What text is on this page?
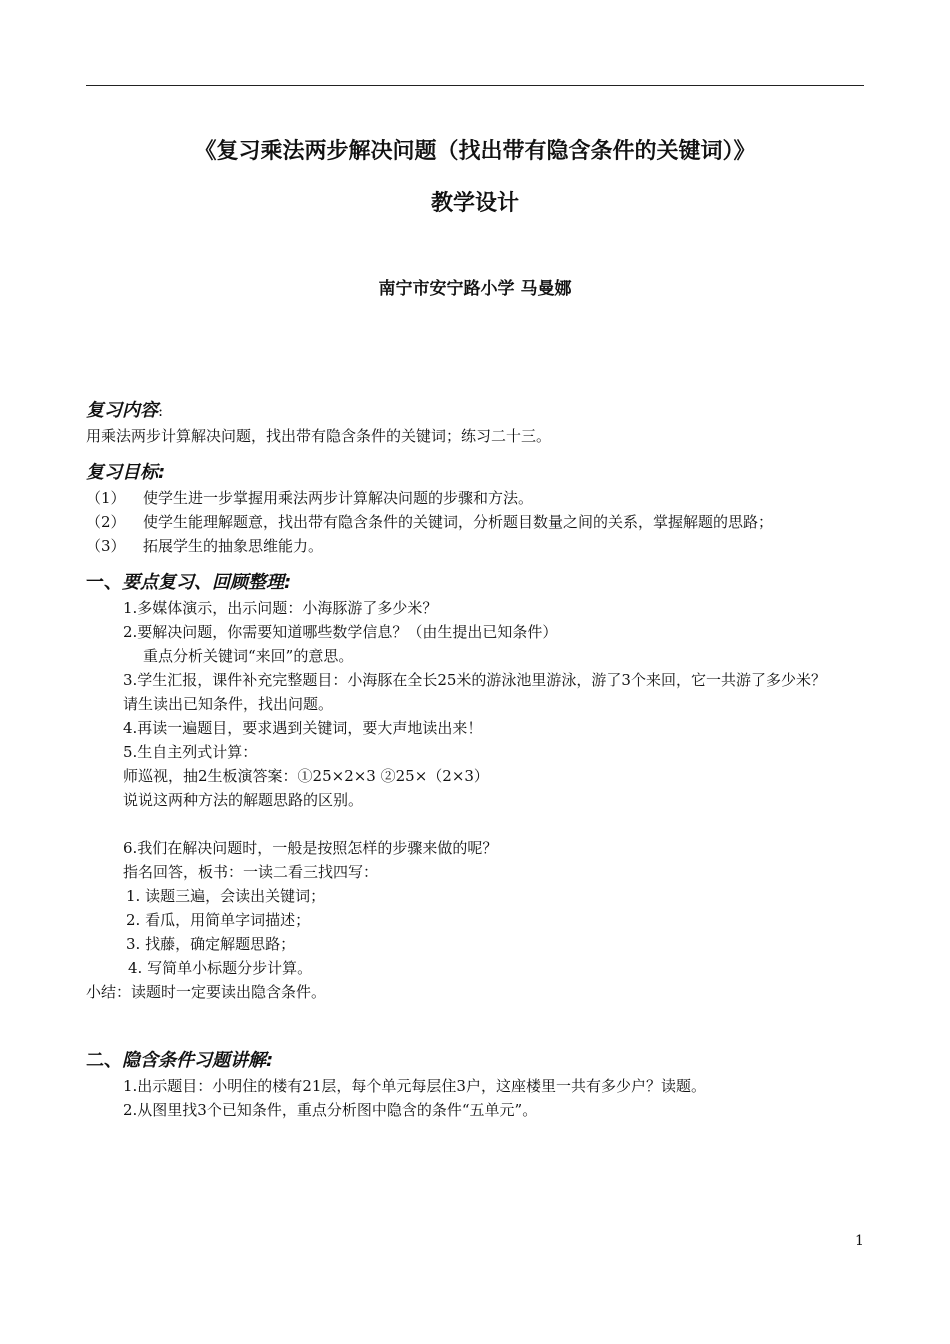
《复习乘法两步解决问题（找出带有隐含条件的关键词）》
教学设计
南宁市安宁路小学 马曼娜
复习内容:
用乘法两步计算解决问题，找出带有隐含条件的关键词；练习二十三。
复习目标:
（1）	使学生进一步掌握用乘法两步计算解决问题的步骤和方法。
（2）	使学生能理解题意，找出带有隐含条件的关键词，分析题目数量之间的关系，掌握解题的思路；
（3）	拓展学生的抽象思维能力。
一、要点复习、回顾整理:
1.多媒体演示，出示问题：小海豚游了多少米？
2.要解决问题，你需要知道哪些数学信息？（由生提出已知条件）
重点分析关键词“来回”的意思。
3.学生汇报，课件补充完整题目：小海豚在全长25米的游泳池里游泳，游了3个来回，它一共游了多少米？
请生读出已知条件，找出问题。
4.再读一遍题目，要求遇到关键词，要大声地读出来！
5.生自主列式计算：
师巡视，抽2生板演答案：①25×2×3 ②25×（2×3）
说说这两种方法的解题思路的区别。
6.我们在解决问题时，一般是按照怎样的步骤来做的呢？
指名回答，板书：一读二看三找四写：
1. 读题三遍，会读出关键词；
2. 看瓜，用简单字词描述；
3. 找藤，确定解题思路；
4. 写简单小标题分步计算。
小结：读题时一定要读出隐含条件。
二、隐含条件习题讲解:
1.出示题目：小明住的楼有21层，每个单元每层住3户，这座楼里一共有多少户？读题。
2.从图里找3个已知条件，重点分析图中隐含的条件“五单元”。
1
